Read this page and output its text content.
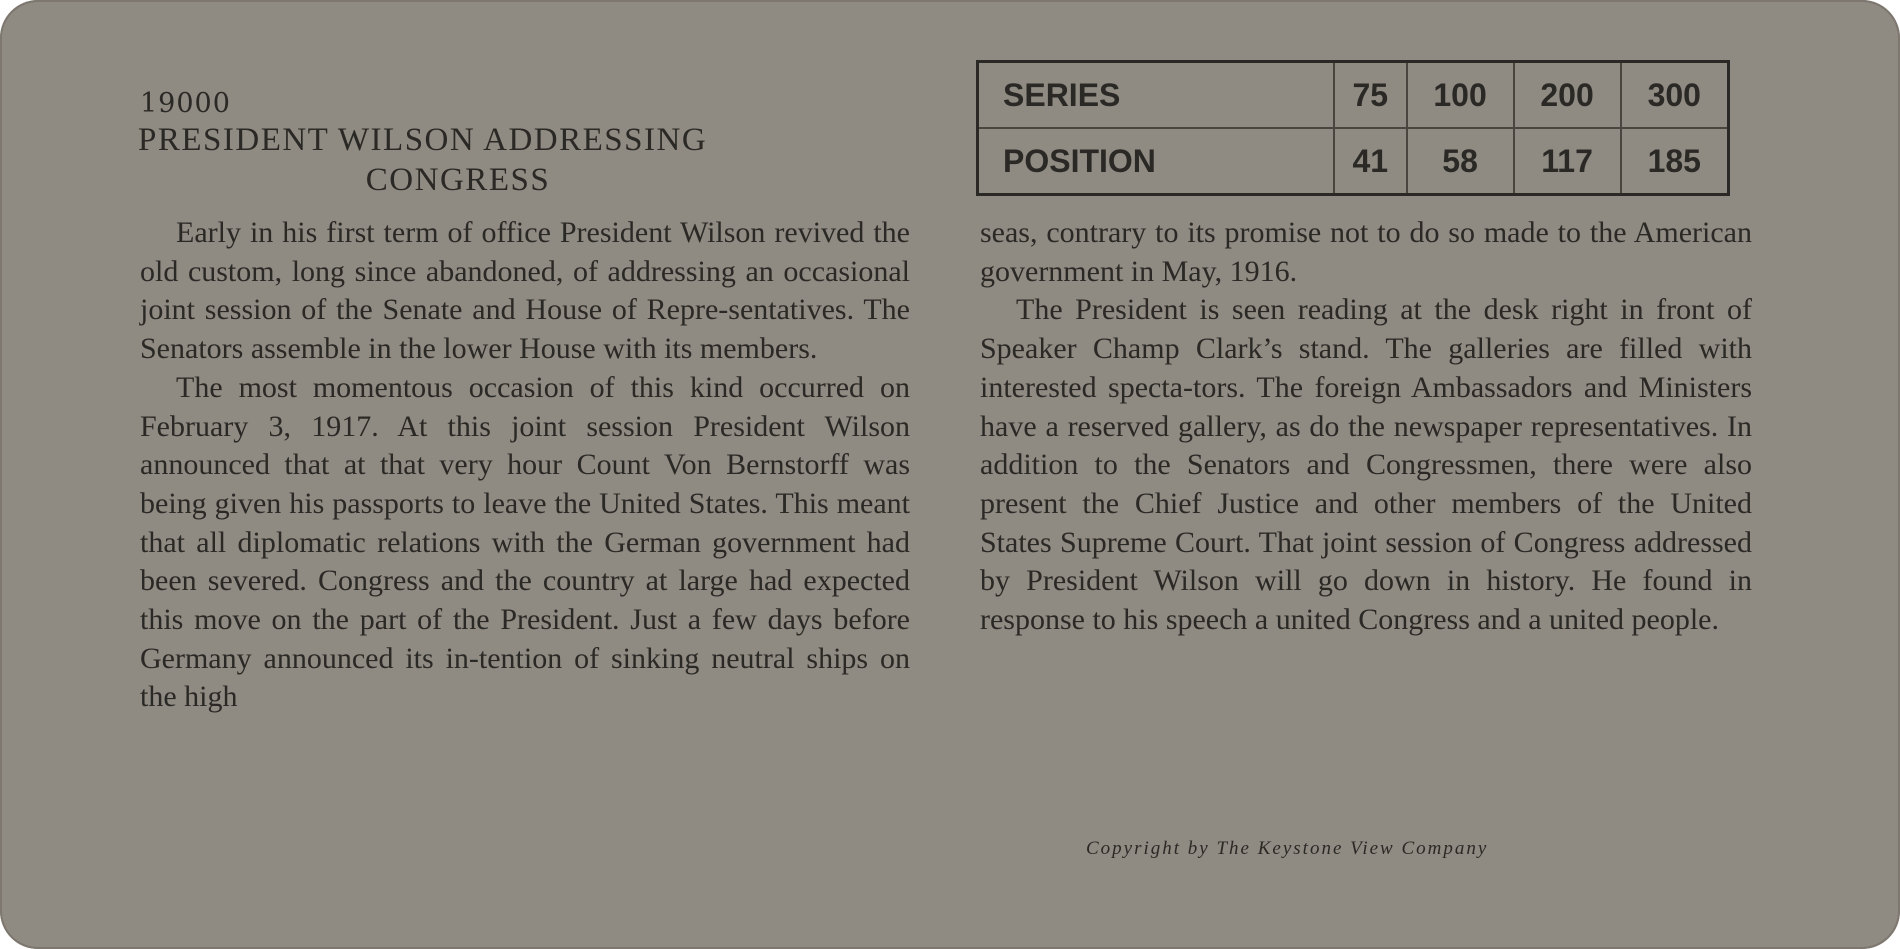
19000
PRESIDENT WILSON ADDRESSING
CONGRESS
SERIES	75	100	200	300
POSITION	41	58	117	185

Early in his first term of office President Wilson revived the old custom, long since abandoned, of addressing an occasional joint session of the Senate and House of Repre-sentatives. The Senators assemble in the lower House with its members.

The most momentous occasion of this kind occurred on February 3, 1917. At this joint session President Wilson announced that at that very hour Count Von Bernstorff was being given his passports to leave the United States. This meant that all diplomatic relations with the German government had been severed. Congress and the country at large had expected this move on the part of the President. Just a few days before Germany announced its in-tention of sinking neutral ships on the high

seas, contrary to its promise not to do so made to the American government in May, 1916.

The President is seen reading at the desk right in front of Speaker Champ Clark’s stand. The galleries are filled with interested specta-tors. The foreign Ambassadors and Ministers have a reserved gallery, as do the newspaper representatives. In addition to the Senators and Congressmen, there were also present the Chief Justice and other members of the United States Supreme Court. That joint session of Congress addressed by President Wilson will go down in history. He found in response to his speech a united Congress and a united people.

Copyright by The Keystone View Company
